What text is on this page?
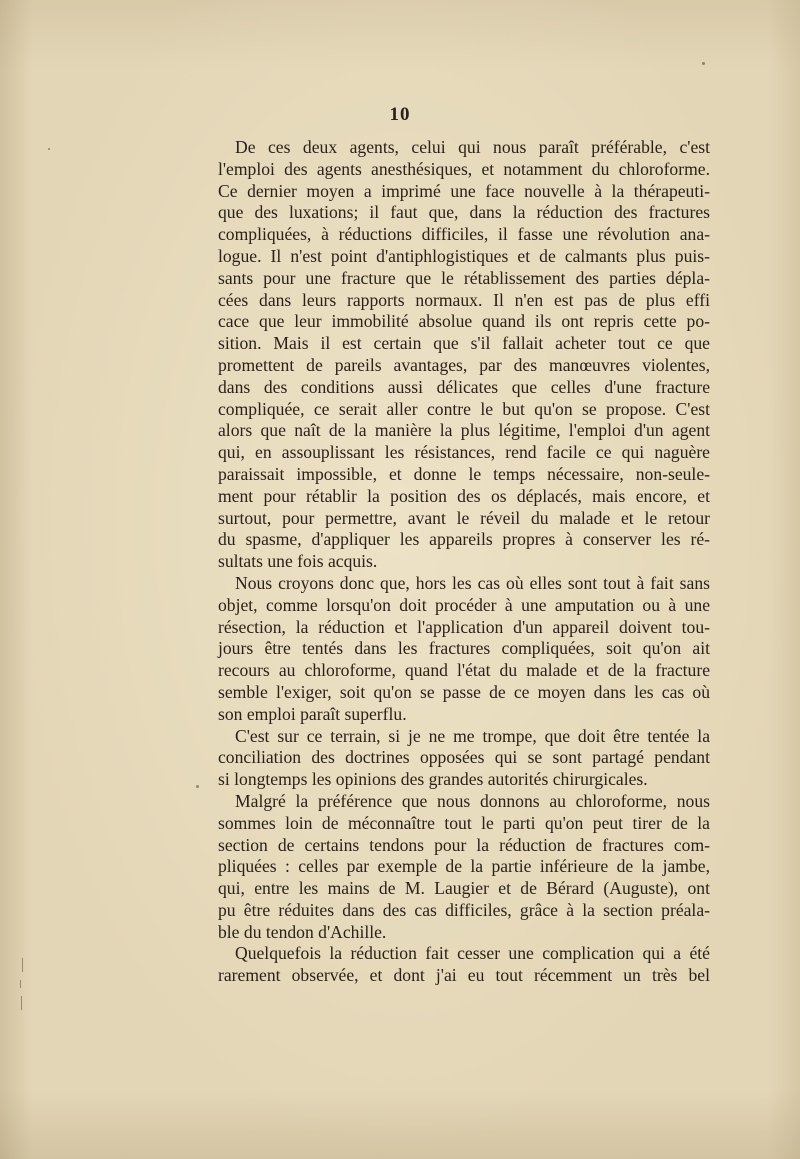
10
De ces deux agents, celui qui nous paraît préférable, c'est
l'emploi des agents anesthésiques, et notamment du chloroforme.
Ce dernier moyen a imprimé une face nouvelle à la thérapeuti-
que des luxations; il faut que, dans la réduction des fractures
compliquées, à réductions difficiles, il fasse une révolution ana-
logue. Il n'est point d'antiphlogistiques et de calmants plus puis-
sants pour une fracture que le rétablissement des parties dépla-
cées dans leurs rapports normaux. Il n'en est pas de plus effi
cace que leur immobilité absolue quand ils ont repris cette po-
sition. Mais il est certain que s'il fallait acheter tout ce que
promettent de pareils avantages, par des manœuvres violentes,
dans des conditions aussi délicates que celles d'une fracture
compliquée, ce serait aller contre le but qu'on se propose. C'est
alors que naît de la manière la plus légitime, l'emploi d'un agent
qui, en assouplissant les résistances, rend facile ce qui naguère
paraissait impossible, et donne le temps nécessaire, non-seule-
ment pour rétablir la position des os déplacés, mais encore, et
surtout, pour permettre, avant le réveil du malade et le retour
du spasme, d'appliquer les appareils propres à conserver les ré-
sultats une fois acquis.
Nous croyons donc que, hors les cas où elles sont tout à fait sans
objet, comme lorsqu'on doit procéder à une amputation ou à une
résection, la réduction et l'application d'un appareil doivent tou-
jours être tentés dans les fractures compliquées, soit qu'on ait
recours au chloroforme, quand l'état du malade et de la fracture
semble l'exiger, soit qu'on se passe de ce moyen dans les cas où
son emploi paraît superflu.
C'est sur ce terrain, si je ne me trompe, que doit être tentée la
conciliation des doctrines opposées qui se sont partagé pendant
si longtemps les opinions des grandes autorités chirurgicales.
Malgré la préférence que nous donnons au chloroforme, nous
sommes loin de méconnaître tout le parti qu'on peut tirer de la
section de certains tendons pour la réduction de fractures com-
pliquées : celles par exemple de la partie inférieure de la jambe,
qui, entre les mains de M. Laugier et de Bérard (Auguste), ont
pu être réduites dans des cas difficiles, grâce à la section préala-
ble du tendon d'Achille.
Quelquefois la réduction fait cesser une complication qui a été
rarement observée, et dont j'ai eu tout récemment un très bel
